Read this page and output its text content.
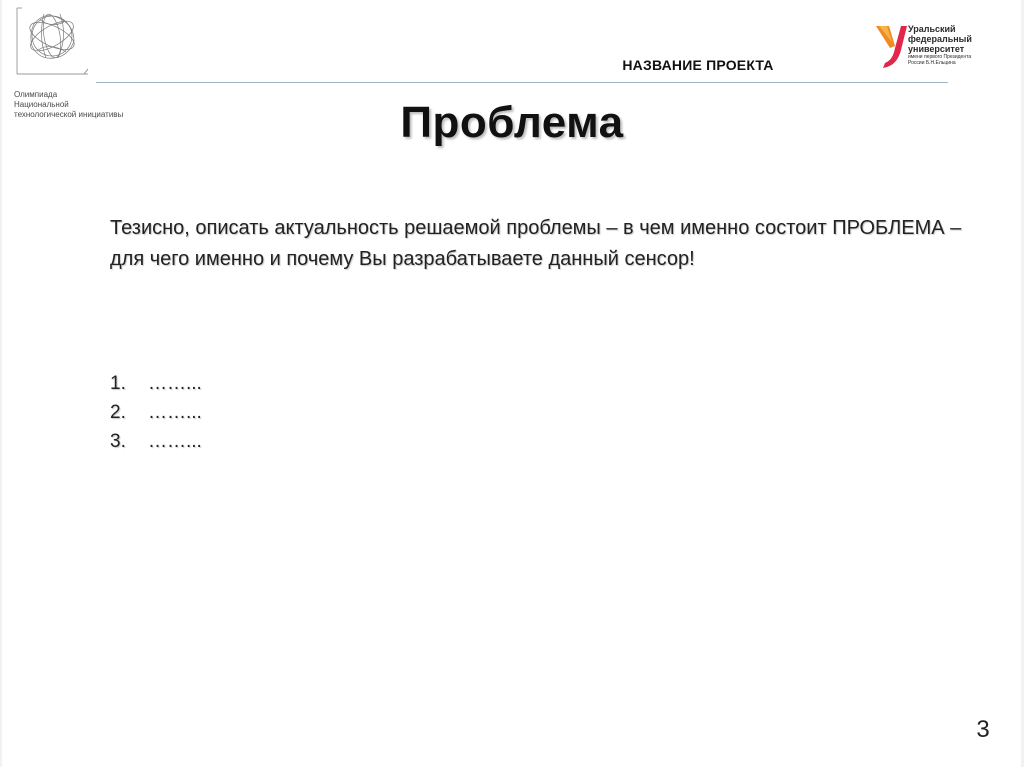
Олимпиада
Национальной
технологической инициативы
НАЗВАНИЕ ПРОЕКТА
Уральский
федеральный
университет
имени первого Президента
России Б.Н.Ельцина
Проблема
Тезисно, описать актуальность решаемой проблемы – в чем именно состоит ПРОБЛЕМА – для чего именно и почему Вы разрабатываете данный сенсор!
1.	……...
2.	……...
3.	……...
3
